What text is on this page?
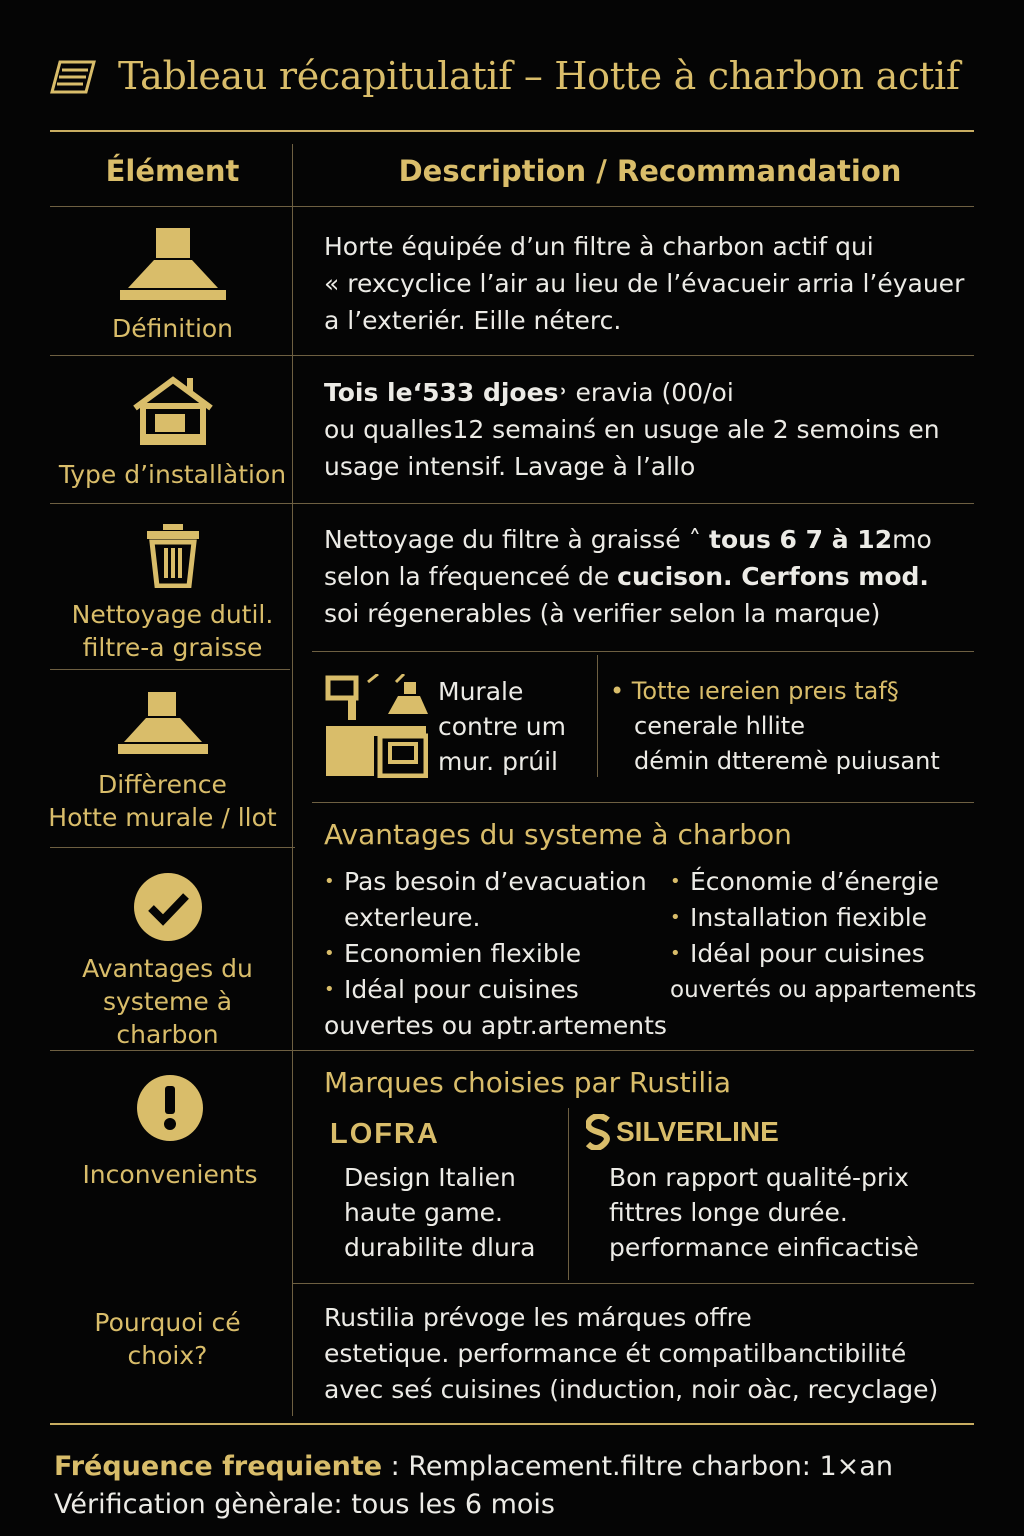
Tableau récapitulatif – Hotte à charbon actif
Élément	Description / Recommandation
Définition
Horte équipée d’un filtre à charbon actif qui
« rexcyclice l’air au lieu de l’évacueir arria l’éyauer
a l’exteriér. Eille néterc.
Type d’installàtion
Tois le‘533 djoes˒ eravia (00/oi
ou qualles12 semainś en usuge ale 2 semoins en
usage intensif. Lavage à l’allo
Nettoyage dutil.
filtre-a graisse
Nettoyage du filtre à graissé ˄ tous 6 7 à 12mo
selon la fŕequenceé de cucison. Cerfons mod.
soi régenerables (à verifier selon la marque)
Diffèrence
Hotte murale / llot
Murale
contre um
mur. prúil
• Totte ıereien preıs taf§
cenerale hllite
démin dtteremè puiusant
Avantages du
systeme à charbon
Avantages du systeme à charbon
• Pas besoin d’evacuation
exterleure.
• Economien flexible
• Idéal pour cuisines
ouvertes ou aptr.artements
• Économie d’énergie
• Installation fiexible
• Idéal pour cuisines
ouvertés ou appartements
Inconvenients
Marques choisies par Rustilia
LOFRA
Design Italien
haute game.
durabilite dlura
SILVERLINE
Bon rapport qualité-prix
fittres longe durée.
performance einficactisè
Pourquoi cé
choix?
Rustilia prévoge les márques offre
estetique. performance ét compatilbanctibilité
avec seś cuisines (induction, noir oàc, recyclage)
Fréquence frequiente : Remplacement.filtre charbon: 1×an
Vérification gènèrale: tous les 6 mois
